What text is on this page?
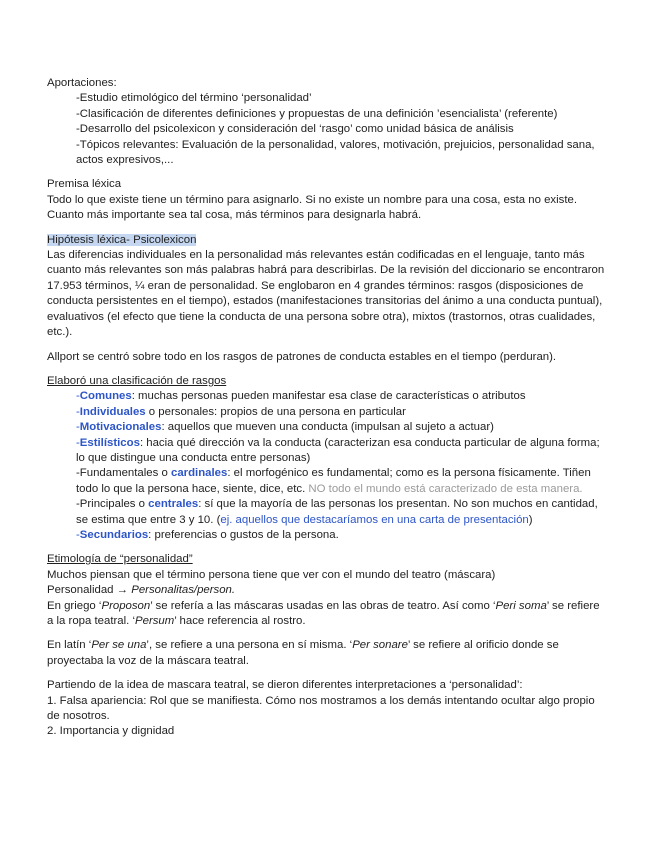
Aportaciones:

-Estudio etimológico del término ‘personalidad’

-Clasificación de diferentes definiciones y propuestas de una definición ’esencialista’ (referente)

-Desarrollo del psicolexicon y consideración del ‘rasgo’ como unidad básica de análisis

-Tópicos relevantes: Evaluación de la personalidad, valores, motivación, prejuicios, personalidad sana, actos expresivos,...

Premisa léxica

Todo lo que existe tiene un término para asignarlo. Si no existe un nombre para una cosa, esta no existe. Cuanto más importante sea tal cosa, más términos para designarla habrá.

Hipótesis léxica- Psicolexicon

Las diferencias individuales en la personalidad más relevantes están codificadas en el lenguaje, tanto más cuanto más relevantes son más palabras habrá para describirlas. De la revisión del diccionario se encontraron 17.953 términos, ¼ eran de personalidad. Se englobaron en 4 grandes términos: rasgos (disposiciones de conducta persistentes en el tiempo), estados (manifestaciones transitorias del ánimo a una conducta puntual), evaluativos (el efecto que tiene la conducta de una persona sobre otra), mixtos (trastornos, otras cualidades, etc.).

Allport se centró sobre todo en los rasgos de patrones de conducta estables en el tiempo (perduran).

Elaboró una clasificación de rasgos

-Comunes: muchas personas pueden manifestar esa clase de características o atributos

-Individuales o personales: propios de una persona en particular

-Motivacionales: aquellos que mueven una conducta (impulsan al sujeto a actuar)

-Estilísticos: hacia qué dirección va la conducta (caracterizan esa conducta particular de alguna forma; lo que distingue una conducta entre personas)

-Fundamentales o cardinales: el morfogénico es fundamental; como es la persona físicamente. Tiñen todo lo que la persona hace, siente, dice, etc. NO todo el mundo está caracterizado de esta manera.

-Principales o centrales: sí que la mayoría de las personas los presentan. No son muchos en cantidad, se estima que entre 3 y 10. (ej. aquellos que destacaríamos en una carta de presentación)

-Secundarios: preferencias o gustos de la persona.

Etimología de “personalidad”

Muchos piensan que el término persona tiene que ver con el mundo del teatro (máscara)

Personalidad → Personalitas/person.

En griego ‘Proposon’ se refería a las máscaras usadas en las obras de teatro. Así como ‘Peri soma’ se refiere a la ropa teatral. ‘Persum’ hace referencia al rostro.

En latín ‘Per se una’, se refiere a una persona en sí misma. ‘Per sonare’ se refiere al orificio donde se proyectaba la voz de la máscara teatral.

Partiendo de la idea de mascara teatral, se dieron diferentes interpretaciones a ‘personalidad’:

1. Falsa apariencia: Rol que se manifiesta. Cómo nos mostramos a los demás intentando ocultar algo propio de nosotros.

2. Importancia y dignidad
